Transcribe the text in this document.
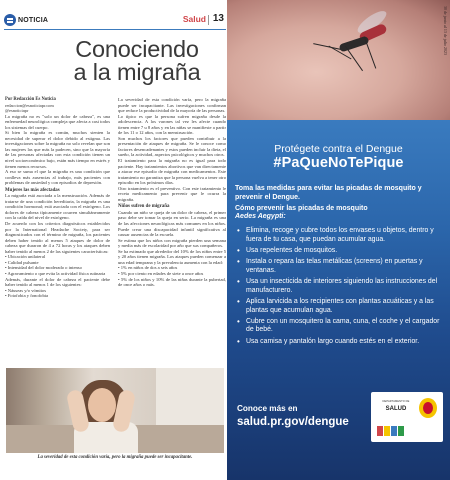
NOTICIA	Salud 13
Conociendo
a la migraña

Por Redacción Es Noticia

redaccion@esnoticiapr.com

@esnoticiapr

La migraña no es "solo un dolor de cabeza", es una enfermedad neurológica compleja que afecta a casi todos los sistemas del cuerpo.

Si bien la migraña es común, muchos sienten la necesidad de superar el dolor debido al estigma. Las investigaciones sobre la migraña no solo revelan que son las mujeres las que más la padecen, sino que la mayoría de las personas afectadas con esta condición tienen un nivel socioeconómico bajo, están más tiempo en estrés y tienen menos recursos.

A eso se suma el que la migraña es una condición que conlleva más ausencias al trabajo, más pacientes con problemas de ansiedad y con episodios de depresión.

Mujeres las más afectadas

La migraña está asociada a la menstruación. Además de tratarse de una condición hereditaria, la migraña es una condición hormonal; está asociada con el estrógeno. Los dolores de cabeza típicamente ocurren simultáneamente con la caída del nivel de estrógeno.

De acuerdo con los criterios diagnósticos establecidos por la International Headache Society, para ser diagnosticados con el término de migraña, los pacientes deben haber tenido al menos 5 ataques de dolor de cabeza que duraron de 4 a 72 horas y los ataques deben haber tenido al menos 2 de las siguientes características:

• Ubicación unilateral
• Calidad pulsante
• Intensidad del dolor moderado o intenso
• Agravamiento o que evita la actividad física rutinaria

Además, durante el dolor de cabeza el paciente debe haber tenido al menos 1 de los siguientes:

• Náuseas y/o vómitos
• Fotofobia y fonofobia

La severidad de esta condición varía, pero la migraña puede ser incapacitante. Las investigaciones confirman que reduce la productividad de la mayoría de las personas.

Lo típico es que la persona sufren migraña desde la adolescencia. A los varones tal vez les afecte cuando tienen entre 7 u 8 años y en las niñas se manifieste a partir de los 11 o 12 años, con la menstruación.

Son muchos los factores que pueden contribuir a la presentación de ataques de migraña. Se le conoce como factores desencadenantes y estos pueden incluir la dieta, el sueño, la actividad, aspectos psicológicos y muchos otros.

El tratamiento para la migraña no es igual para todo paciente. Hay tratamientos abortivos que van directamente a atacar ese episodio de migraña con medicamentos. Este tratamiento no garantiza que la persona vuelva a tener otro episodio en los próximos días.

Otro tratamiento es el preventivo. Con este tratamiento le receta medicamento para prevenir que le ocurra la migraña.

Niños sufren de migraña

Cuando un niño se queja de un dolor de cabeza, el primer paso debe ser tomar la queja en serio. La migraña es una de las afecciones neurológicas más comunes en los niños. Puede crear una discapacidad infantil significativa al causar ausencias de la escuela.

Se estima que los niños con migraña pierden una semana y media más de escolaridad por año que sus compañeros.

Se ha estimado que alrededor del 10% de los niños entre 5 y 20 años tienen migraña. Los ataques pueden comenzar a una edad temprana y la prevalencia aumenta con la edad:

• 1% en niños de dos a seis años
• 5% por ciento en edades de siete a once años
• 5% de los niños y 10% de las niñas durante la pubertad, de once años o más.
La severidad de esta condición varía, pero la migraña puede ser incapacitante.
30 de junio al 13 de julio 2023
Protégete contra el Dengue
#PaQueNoTePique
Toma las medidas para evitar las picadas de mosquito y prevenir el Dengue.
Cómo prevenir las picadas de mosquito
Aedes Aegypti:
• Elimina, recoge y cubre todos los envases u objetos, dentro y fuera de tu casa, que puedan acumular agua.
• Usa repelentes de mosquitos.
• Instala o repara las telas metálicas (screens) en puertas y ventanas.
• Usa un insecticida de interiores siguiendo las instrucciones del manufacturero.
• Aplica larvicida a los recipientes con plantas acuáticas y a las plantas que acumulan agua.
• Cubre con un mosquitero la cama, cuna, el coche y el cargador de bebé.
• Usa camisa y pantalón largo cuando estés en el exterior.
Conoce más en
salud.pr.gov/dengue
DEPARTAMENTO DE
SALUD
